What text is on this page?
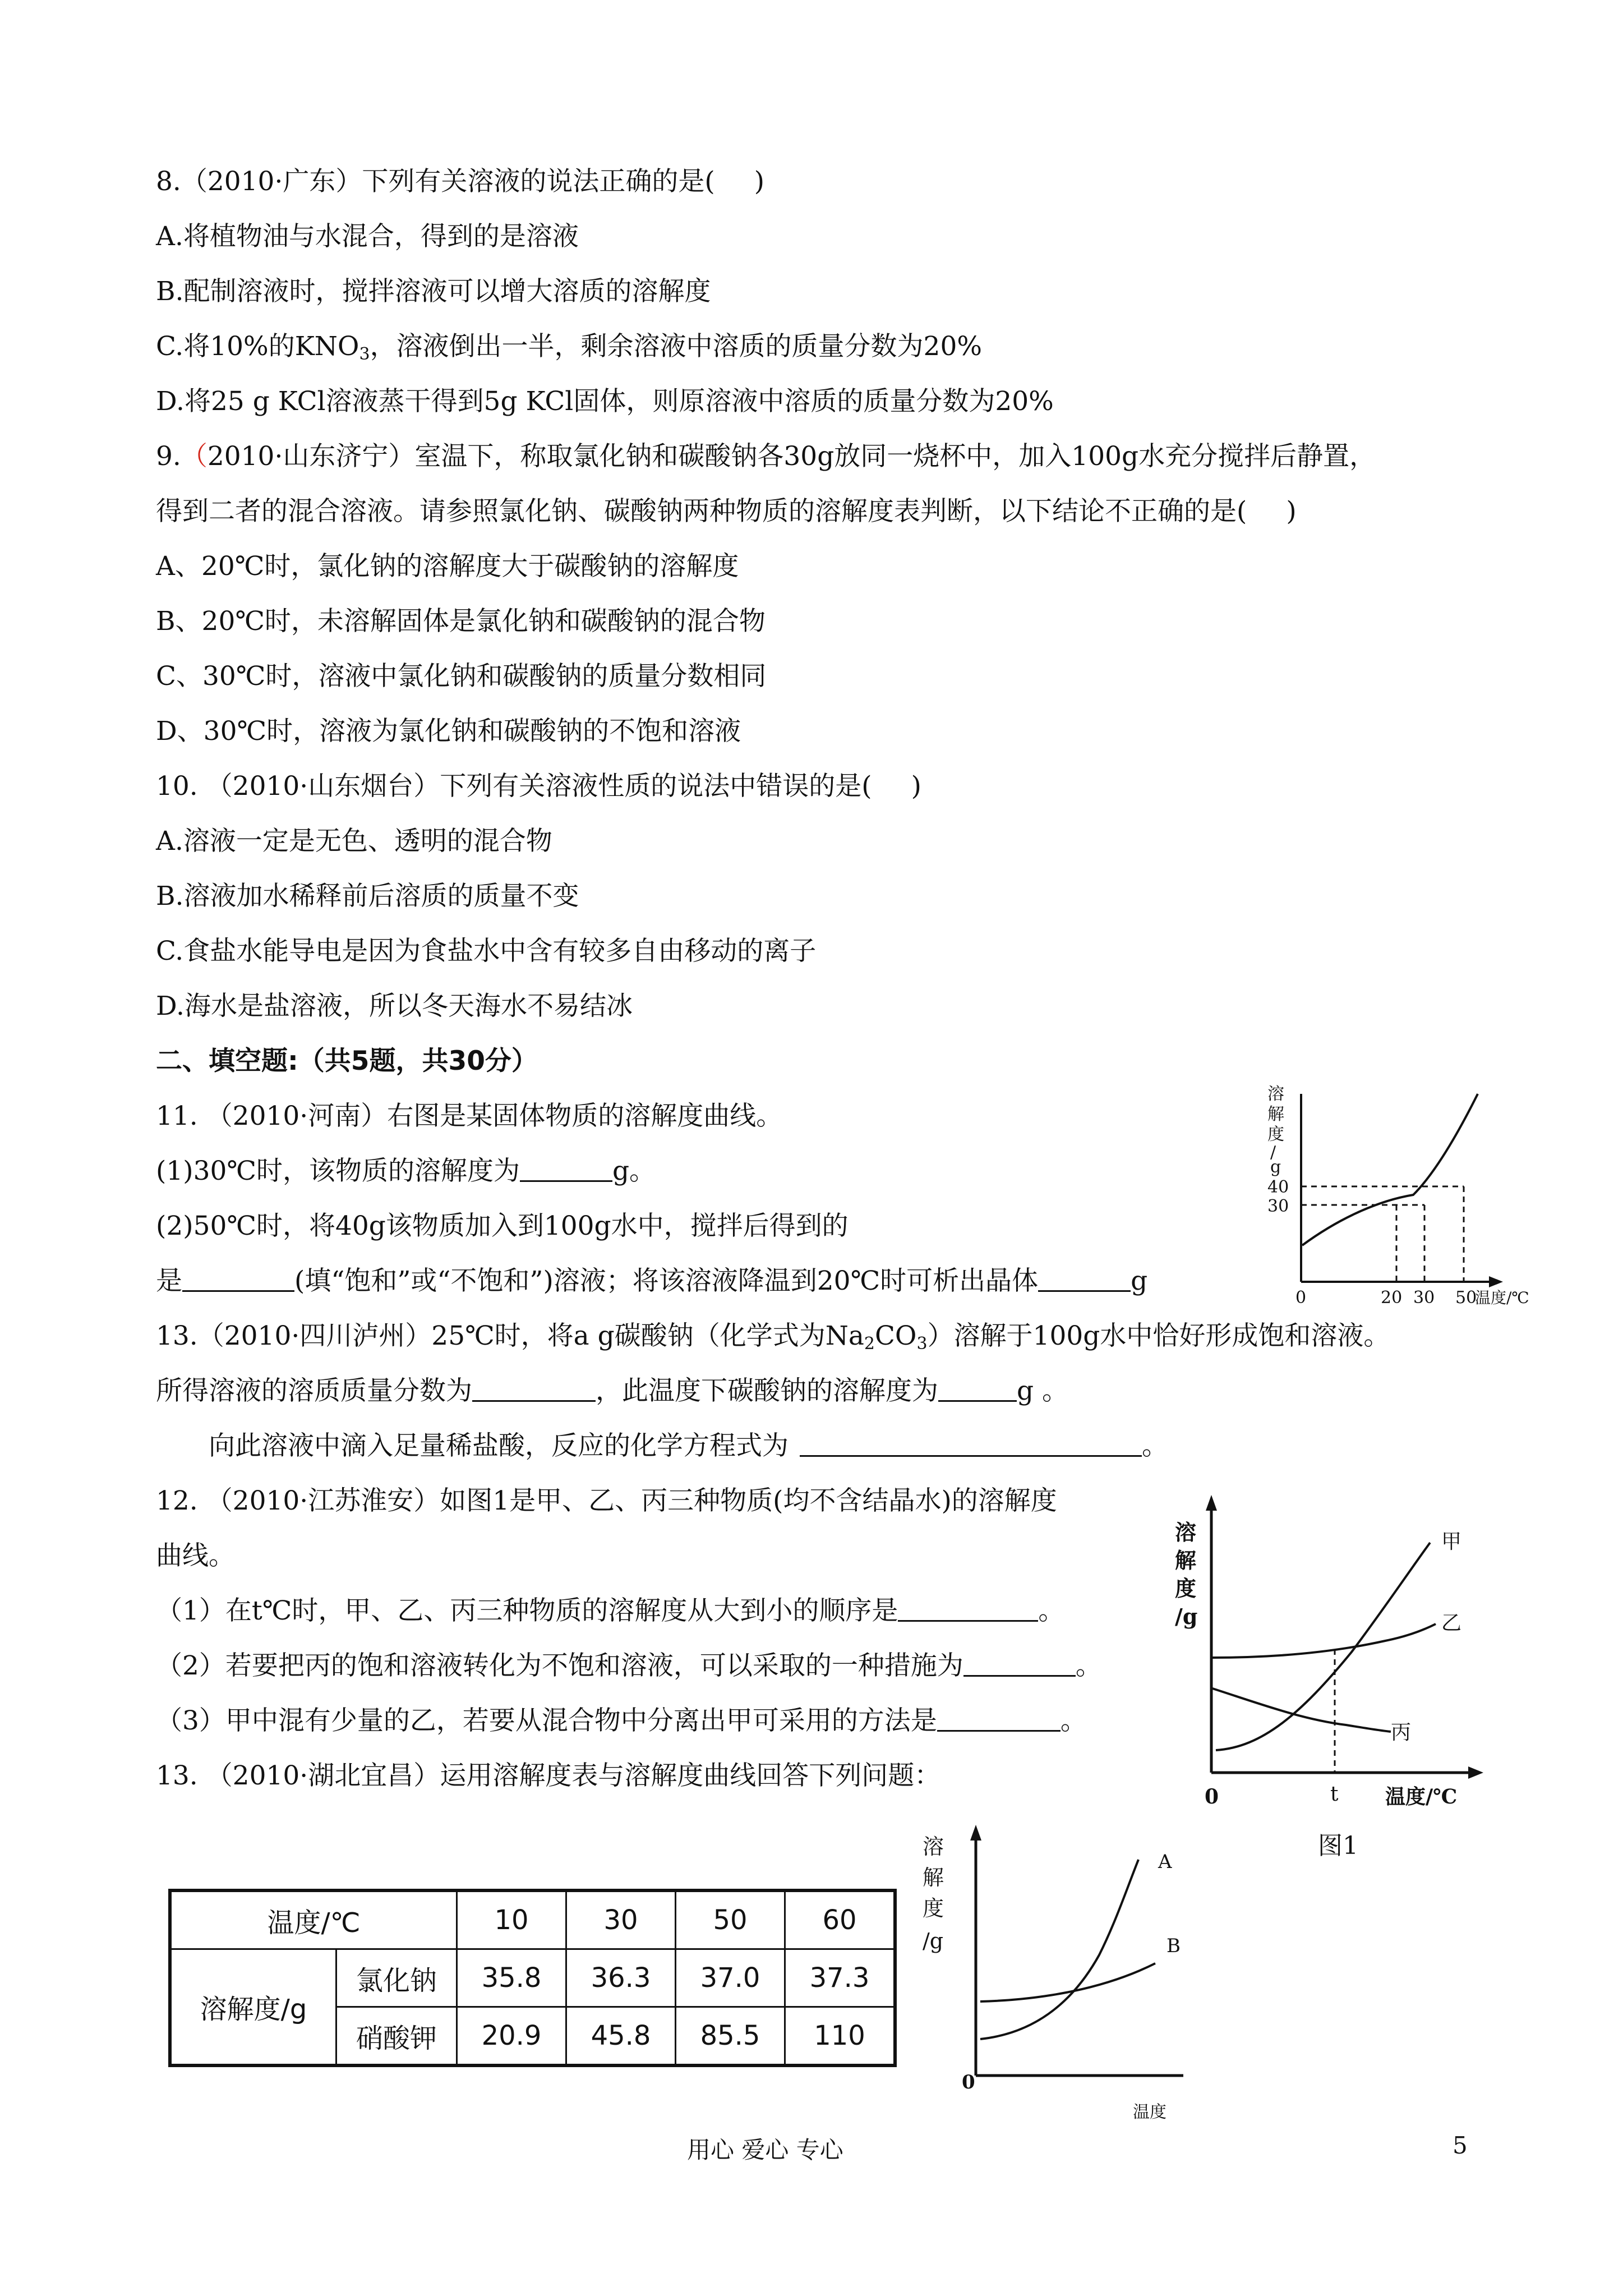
8.（2010·广东）下列有关溶液的说法正确的是( )
A.将植物油与水混合，得到的是溶液
B.配制溶液时，搅拌溶液可以增大溶质的溶解度
C.将10%的$KNO_3$，溶液倒出一半，剩余溶液中溶质的质量分数为20%
D.将25 g KCl溶液蒸干得到5g KCl固体，则原溶液中溶质的质量分数为20%
9.（2010·山东济宁）室温下，称取氯化钠和碳酸钠各30g放同一烧杯中，加入100g水充分搅拌后静置，
得到二者的混合溶液。请参照氯化钠、碳酸钠两种物质的溶解度表判断，以下结论不正确的是( )
A、20℃时，氯化钠的溶解度大于碳酸钠的溶解度
B、20℃时，未溶解固体是氯化钠和碳酸钠的混合物
C、30℃时，溶液中氯化钠和碳酸钠的质量分数相同
D、30℃时，溶液为氯化钠和碳酸钠的不饱和溶液
10. （2010·山东烟台）下列有关溶液性质的说法中错误的是( )
A.溶液一定是无色、透明的混合物
B.溶液加水稀释前后溶质的质量不变
C.食盐水能导电是因为食盐水中含有较多自由移动的离子
D.海水是盐溶液，所以冬天海水不易结冰
二、填空题:（共5题，共30分）
11. （2010·河南）右图是某固体物质的溶解度曲线。
(1)30℃时，该物质的溶解度为	g。
(2)50℃时，将40g该物质加入到100g水中，搅拌后得到的
是	(填“饱和”或“不饱和”)溶液；将该溶液降温到20℃时可析出晶体	g
溶
解
度
/
g
40
30
0	20 30 50
温度/℃
13.（2010·四川泸州）25℃时，将a g碳酸钠（化学式为$Na_2CO_3$）溶解于100g水中恰好形成饱和溶液。
所得溶液的溶质质量分数为	，此温度下碳酸钠的溶解度为	g 。
向此溶液中滴入足量稀盐酸，反应的化学方程式为	。
12. （2010·江苏淮安）如图1是甲、乙、丙三种物质(均不含结晶水)的溶解度
曲线。
（1）在t℃时，甲、乙、丙三种物质的溶解度从大到小的顺序是	。
（2）若要把丙的饱和溶液转化为不饱和溶液，可以采取的一种措施为	。
（3）甲中混有少量的乙，若要从混合物中分离出甲可采用的方法是	。
溶
解
度
/g
甲
乙
丙
0	t 温度/℃
图1
13. （2010·湖北宜昌）运用溶解度表与溶解度曲线回答下列问题：
温度/℃		10	30	50	60
溶解度/g	氯化钠	35.8	36.3	37.0	37.3
	硝酸钾	20.9	45.8	85.5	110
溶
解
度
/g
A
B
0
温度
用心 爱心 专心	5
